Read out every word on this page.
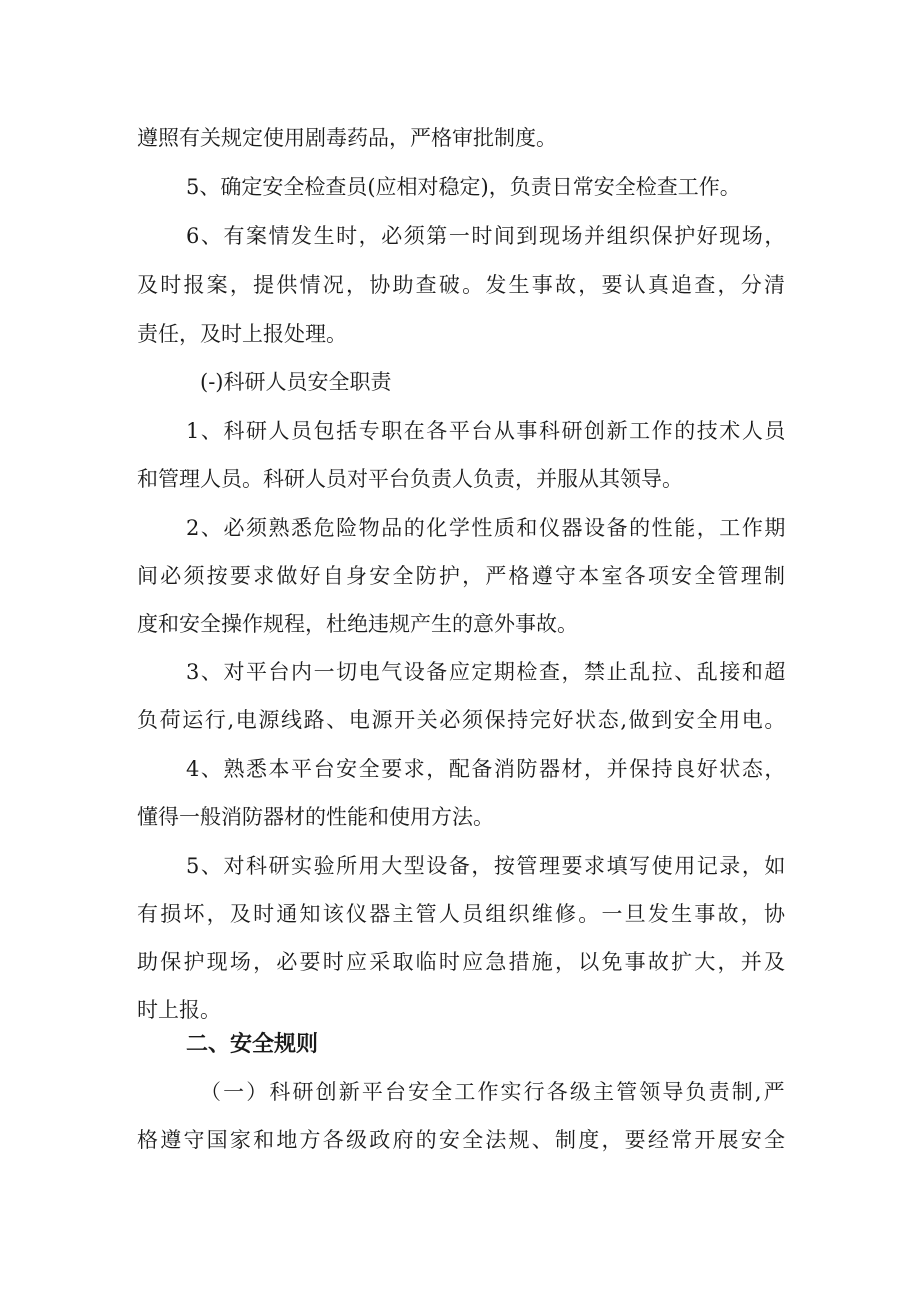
遵照有关规定使用剧毒药品，严格审批制度。
5、确定安全检查员(应相对稳定)，负责日常安全检查工作。
6、有案情发生时，必须第一时间到现场并组织保护好现场，
及时报案，提供情况，协助查破。发生事故，要认真追查，分清
责任，及时上报处理。
(-)科研人员安全职责
1、科研人员包括专职在各平台从事科研创新工作的技术人员
和管理人员。科研人员对平台负责人负责，并服从其领导。
2、必须熟悉危险物品的化学性质和仪器设备的性能，工作期
间必须按要求做好自身安全防护，严格遵守本室各项安全管理制
度和安全操作规程，杜绝违规产生的意外事故。
3、对平台内一切电气设备应定期检查，禁止乱拉、乱接和超
负荷运行,电源线路、电源开关必须保持完好状态,做到安全用电。
4、熟悉本平台安全要求，配备消防器材，并保持良好状态，
懂得一般消防器材的性能和使用方法。
5、对科研实验所用大型设备，按管理要求填写使用记录，如
有损坏，及时通知该仪器主管人员组织维修。一旦发生事故，协
助保护现场，必要时应采取临时应急措施，以免事故扩大，并及
时上报。
二、安全规则
（一）科研创新平台安全工作实行各级主管领导负责制,严
格遵守国家和地方各级政府的安全法规、制度，要经常开展安全
